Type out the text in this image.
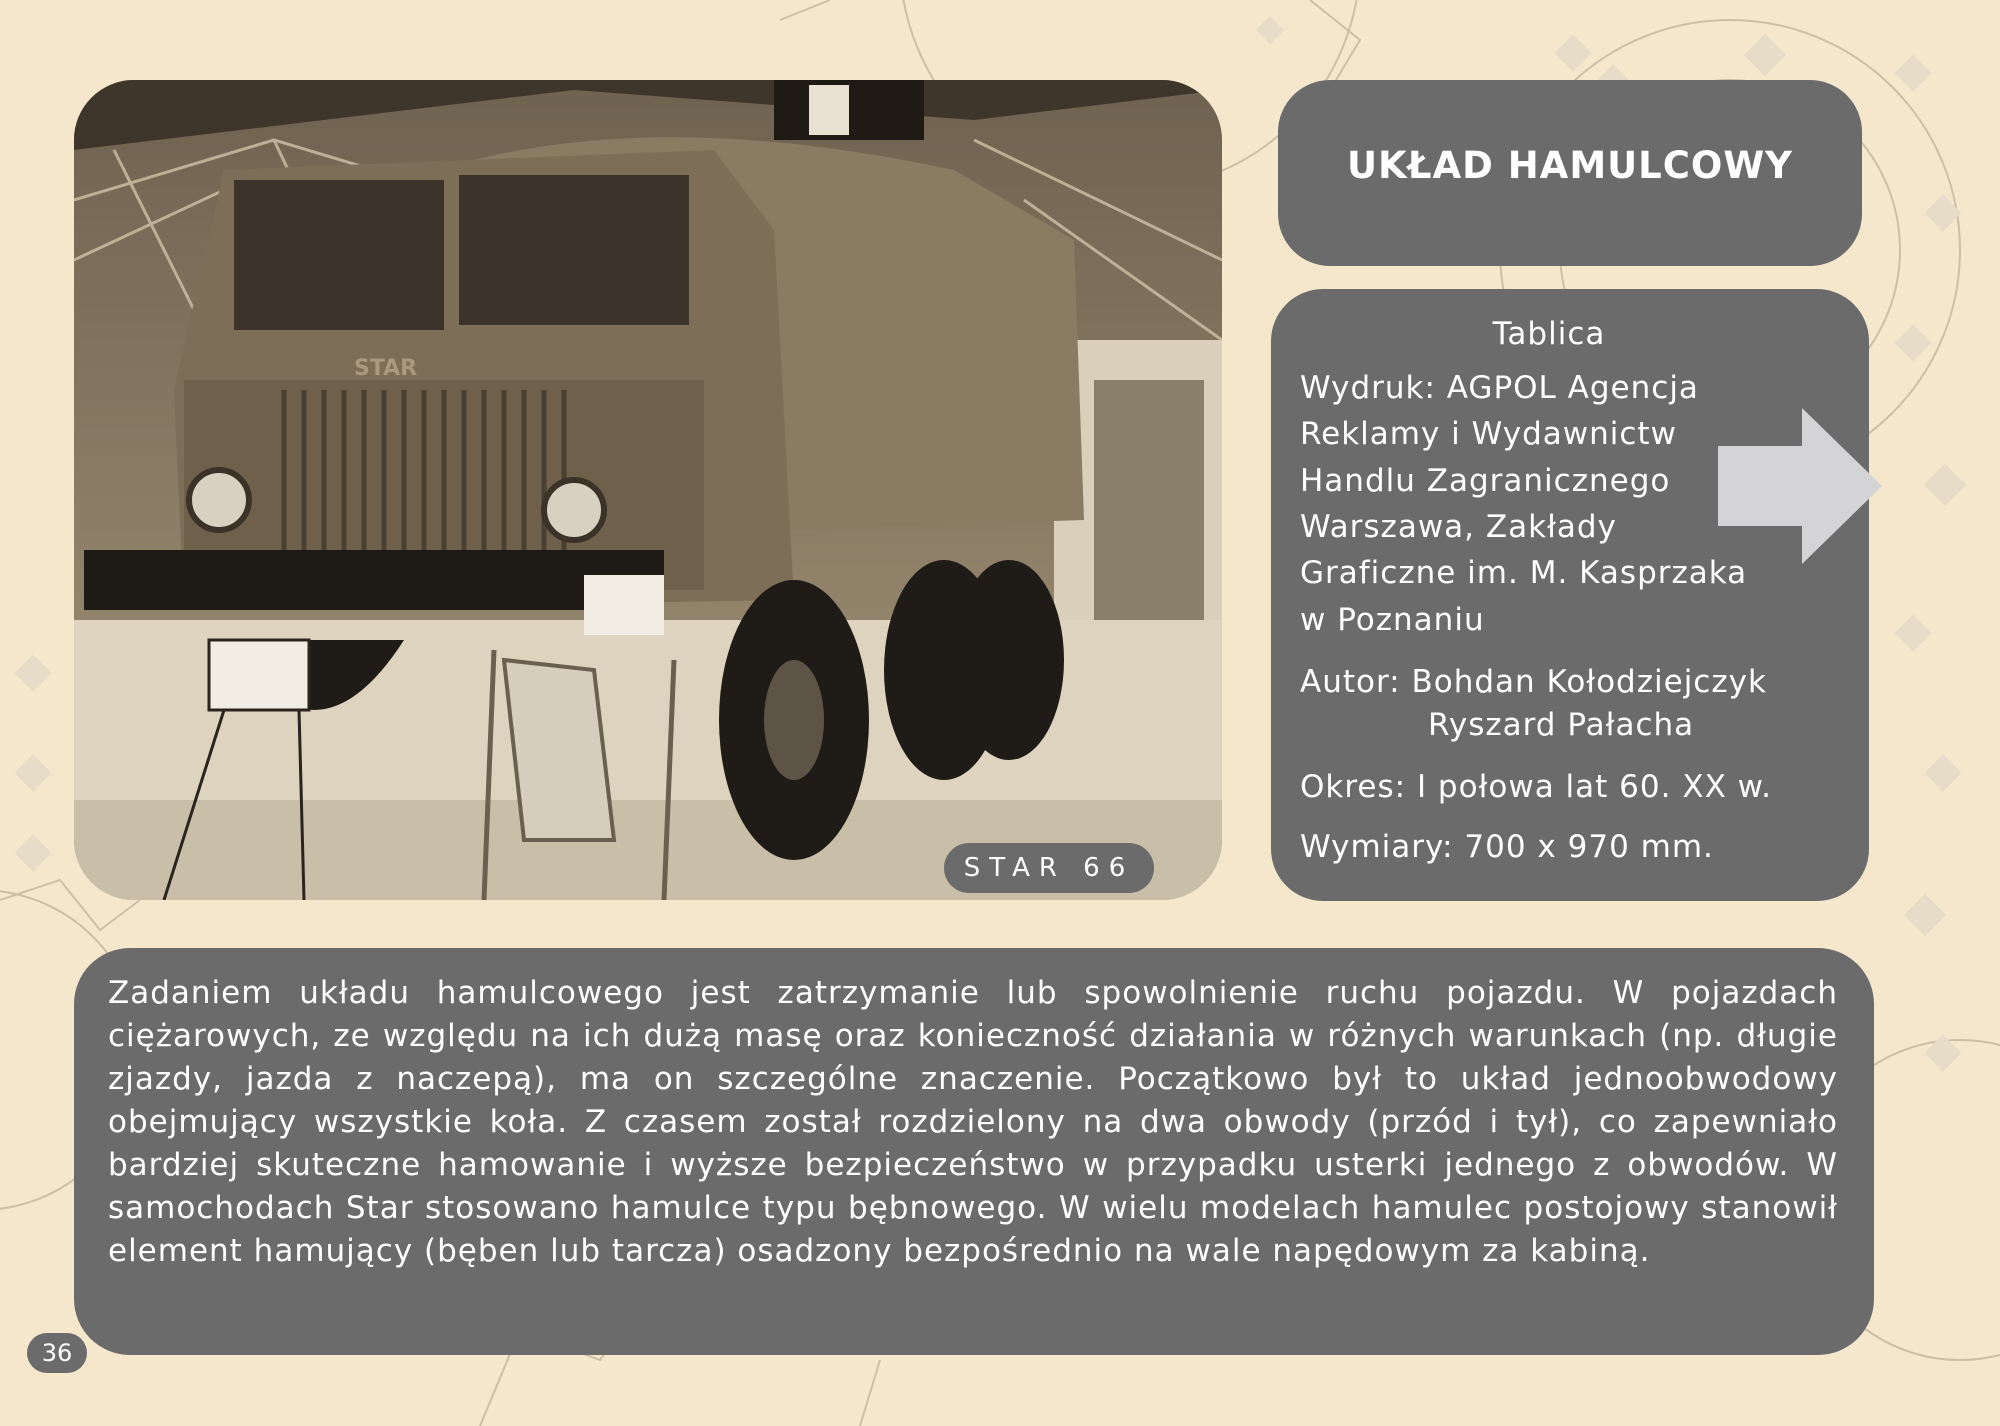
STAR
STAR 66
UKŁAD HAMULCOWY
Tablica
Wydruk: AGPOL Agencja
Reklamy i Wydawnictw
Handlu Zagranicznego
Warszawa, Zakłady
Graficzne im. M. Kasprzaka
w Poznaniu
Autor: Bohdan Kołodziejczyk
Ryszard Pałacha
Okres: I połowa lat 60. XX w.
Wymiary: 700 x 970 mm.
Zadaniem układu hamulcowego jest zatrzymanie lub spowolnienie ruchu pojazdu. W pojazdach ciężarowych, ze względu na ich dużą masę oraz konieczność działania w różnych warunkach (np. długie zjazdy, jazda z naczepą), ma on szczególne znaczenie. Początkowo był to układ jednoobwodowy obejmujący wszystkie koła. Z czasem został rozdzielony na dwa obwody (przód i tył), co zapewniało bardziej skuteczne hamowanie i wyższe bezpieczeństwo w przypadku usterki jednego z obwodów. W samochodach Star stosowano hamulce typu bębnowego. W wielu modelach hamulec postojowy stanowił element hamujący (bęben lub tarcza) osadzony bezpośrednio na wale napędowym za kabiną.
36
